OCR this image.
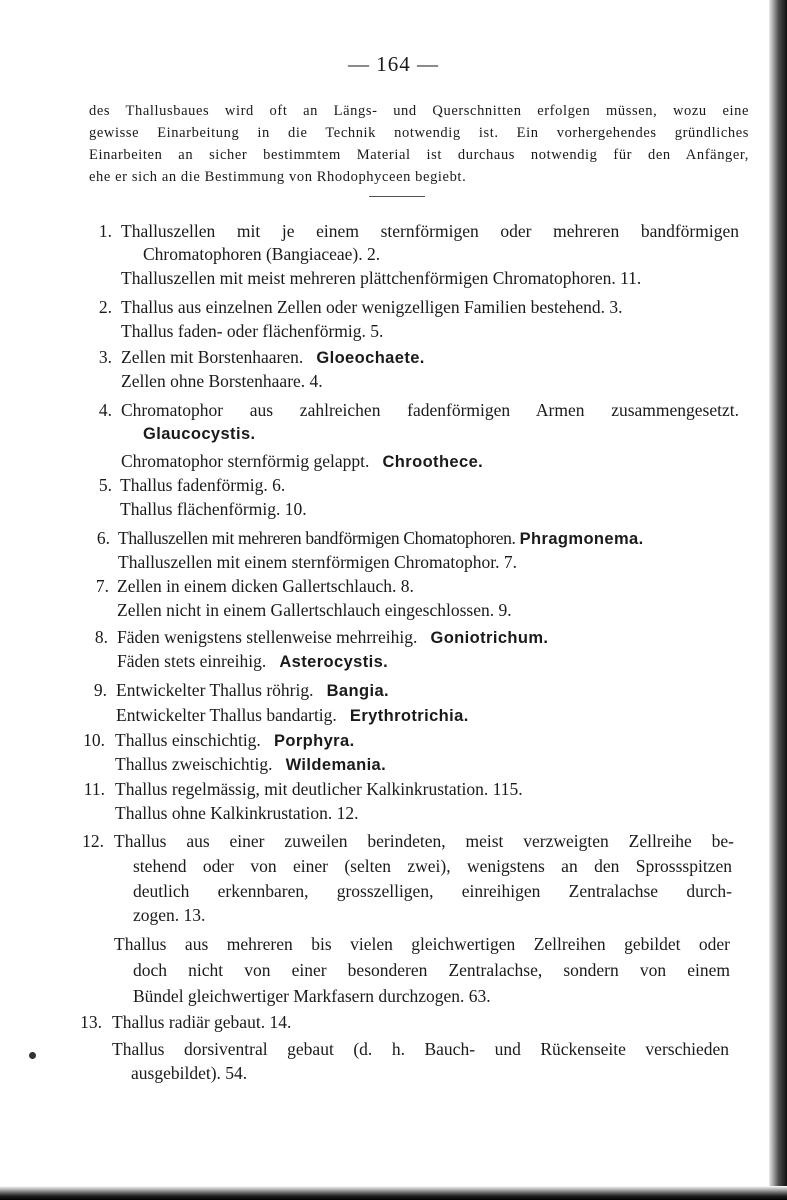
— 164 —
des Thallusbaues wird oft an Längs- und Querschnitten erfolgen müssen, wozu eine
gewisse Einarbeitung in die Technik notwendig ist. Ein vorhergehendes gründliches
Einarbeiten an sicher bestimmtem Material ist durchaus notwendig für den Anfänger,
ehe er sich an die Bestimmung von Rhodophyceen begiebt.
1. Thalluszellen mit je einem sternförmigen oder mehreren bandförmigen
Chromatophoren (Bangiaceae). 2.
Thalluszellen mit meist mehreren plättchenförmigen Chromatophoren. 11.
2. Thallus aus einzelnen Zellen oder wenigzelligen Familien bestehend. 3.
Thallus faden- oder flächenförmig. 5.
3. Zellen mit Borstenhaaren. Gloeochaete.
Zellen ohne Borstenhaare. 4.
4. Chromatophor aus zahlreichen fadenförmigen Armen zusammengesetzt.
Glaucocystis.
Chromatophor sternförmig gelappt. Chroothece.
5. Thallus fadenförmig. 6.
Thallus flächenförmig. 10.
6. Thalluszellen mit mehreren bandförmigen Chomatophoren. Phragmonema.
Thalluszellen mit einem sternförmigen Chromatophor. 7.
7. Zellen in einem dicken Gallertschlauch. 8.
Zellen nicht in einem Gallertschlauch eingeschlossen. 9.
8. Fäden wenigstens stellenweise mehrreihig. Goniotrichum.
Fäden stets einreihig. Asterocystis.
9. Entwickelter Thallus röhrig. Bangia.
Entwickelter Thallus bandartig. Erythrotrichia.
10. Thallus einschichtig. Porphyra.
Thallus zweischichtig. Wildemania.
11. Thallus regelmässig, mit deutlicher Kalkinkrustation. 115.
Thallus ohne Kalkinkrustation. 12.
12. Thallus aus einer zuweilen berindeten, meist verzweigten Zellreihe be-
stehend oder von einer (selten zwei), wenigstens an den Sprossspitzen
deutlich erkennbaren, grosszelligen, einreihigen Zentralachse durch-
zogen. 13.
Thallus aus mehreren bis vielen gleichwertigen Zellreihen gebildet oder
doch nicht von einer besonderen Zentralachse, sondern von einem
Bündel gleichwertiger Markfasern durchzogen. 63.
13. Thallus radiär gebaut. 14.
Thallus dorsiventral gebaut (d. h. Bauch- und Rückenseite verschieden
ausgebildet). 54.
